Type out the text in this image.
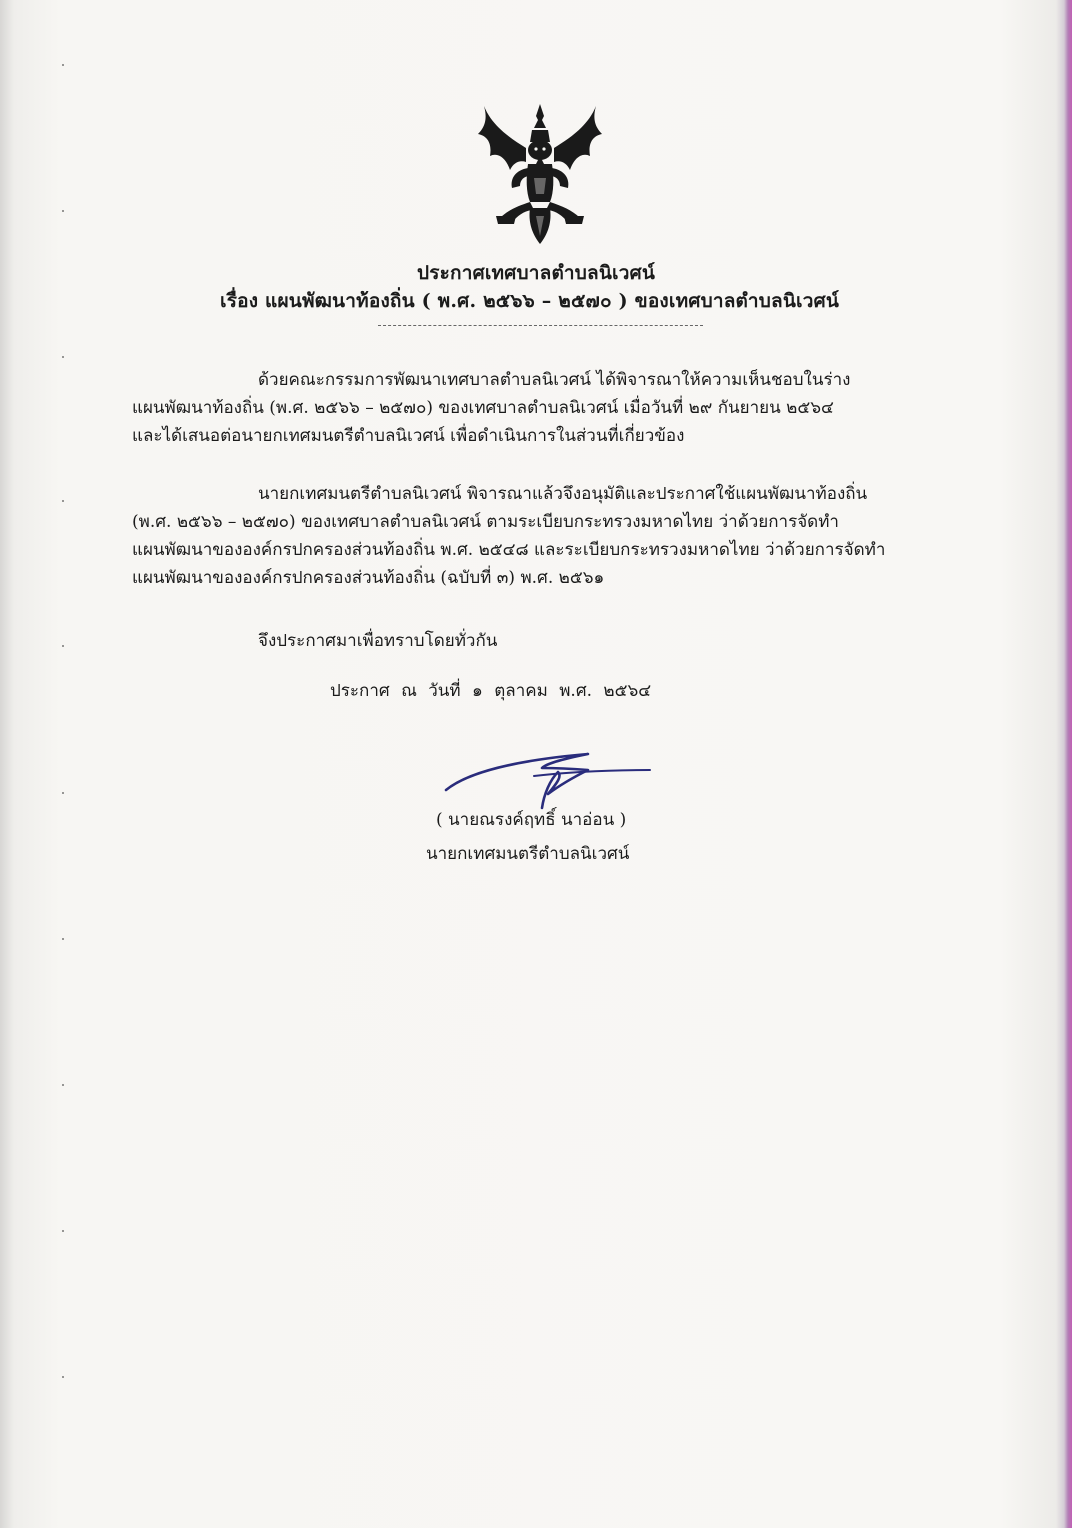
ประกาศเทศบาลตำบลนิเวศน์
เรื่อง แผนพัฒนาท้องถิ่น ( พ.ศ. ๒๕๖๖ – ๒๕๗๐ ) ของเทศบาลตำบลนิเวศน์
ด้วยคณะกรรมการพัฒนาเทศบาลตำบลนิเวศน์ ได้พิจารณาให้ความเห็นชอบในร่าง
แผนพัฒนาท้องถิ่น (พ.ศ. ๒๕๖๖ – ๒๕๗๐) ของเทศบาลตำบลนิเวศน์ เมื่อวันที่ ๒๙ กันยายน ๒๕๖๔
และได้เสนอต่อนายกเทศมนตรีตำบลนิเวศน์ เพื่อดำเนินการในส่วนที่เกี่ยวข้อง
นายกเทศมนตรีตำบลนิเวศน์ พิจารณาแล้วจึงอนุมัติและประกาศใช้แผนพัฒนาท้องถิ่น
(พ.ศ. ๒๕๖๖ – ๒๕๗๐) ของเทศบาลตำบลนิเวศน์ ตามระเบียบกระทรวงมหาดไทย ว่าด้วยการจัดทำ
แผนพัฒนาขององค์กรปกครองส่วนท้องถิ่น พ.ศ. ๒๕๔๘ และระเบียบกระทรวงมหาดไทย ว่าด้วยการจัดทำ
แผนพัฒนาขององค์กรปกครองส่วนท้องถิ่น (ฉบับที่ ๓) พ.ศ. ๒๕๖๑
จึงประกาศมาเพื่อทราบโดยทั่วกัน
ประกาศ ณ วันที่ ๑ ตุลาคม พ.ศ. ๒๕๖๔
( นายณรงค์ฤทธิ์ นาอ่อน )
นายกเทศมนตรีตำบลนิเวศน์
